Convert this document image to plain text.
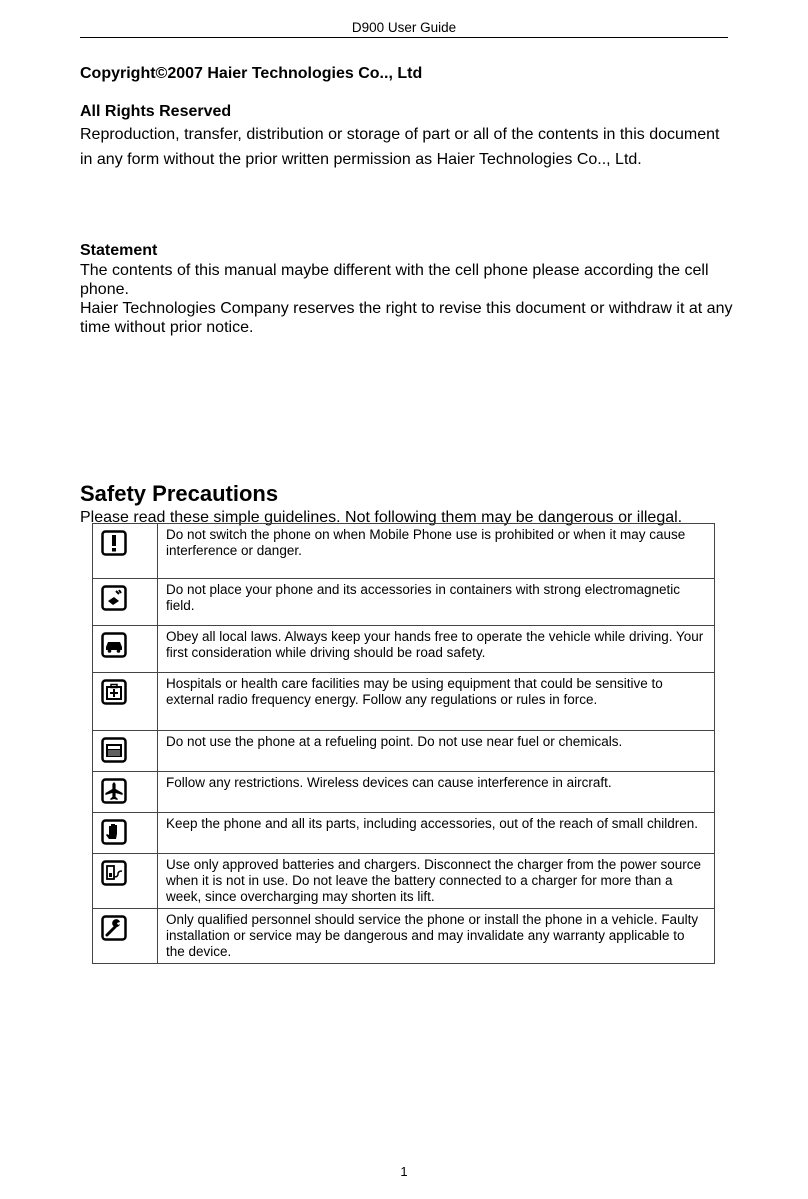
D900 User Guide
Copyright©2007 Haier Technologies Co.., Ltd
All Rights Reserved

Reproduction, transfer, distribution or storage of part or all of the contents in this document in any form without the prior written permission as Haier Technologies Co.., Ltd.

Statement

The contents of this manual maybe different with the cell phone please according the cell phone.

Haier Technologies Company reserves the right to revise this document or withdraw it at any time without prior notice.

Safety Precautions
Please read these simple guidelines. Not following them may be dangerous or illegal.
	Do not switch the phone on when Mobile Phone use is prohibited or when it may cause interference or danger.

	Do not place your phone and its accessories in containers with strong electromagnetic field.

	Obey all local laws. Always keep your hands free to operate the vehicle while driving. Your first consideration while driving should be road safety.

	Hospitals or health care facilities may be using equipment that could be sensitive to external radio frequency energy. Follow any regulations or rules in force.

	Do not use the phone at a refueling point. Do not use near fuel or chemicals.

	Follow any restrictions. Wireless devices can cause interference in aircraft.

	Keep the phone and all its parts, including accessories, out of the reach of small children.

	Use only approved batteries and chargers. Disconnect the charger from the power source when it is not in use. Do not leave the battery connected to a charger for more than a week, since overcharging may shorten its lift.

	Only qualified personnel should service the phone or install the phone in a vehicle. Faulty installation or service may be dangerous and may invalidate any warranty applicable to the device.
1
